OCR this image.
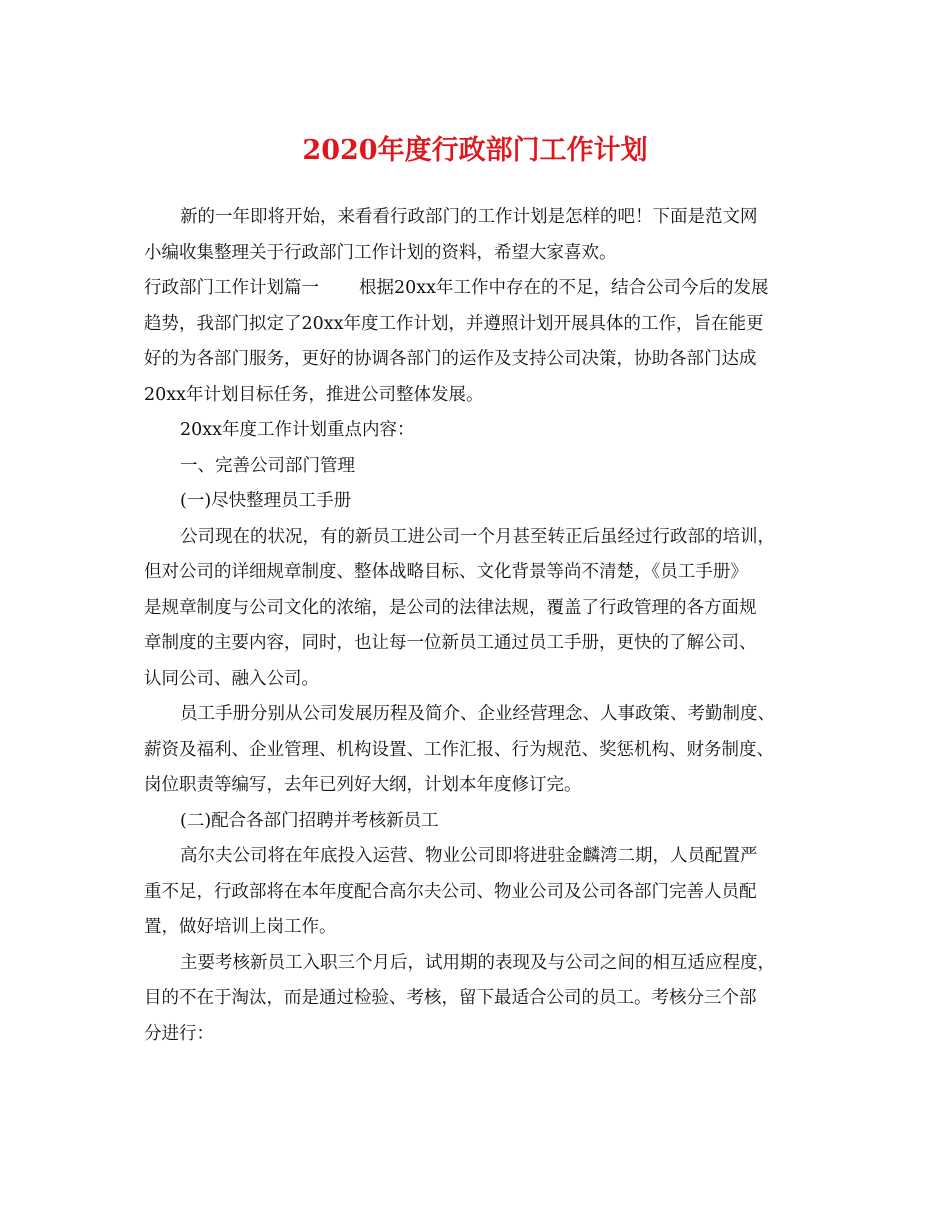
2020年度行政部门工作计划
新的一年即将开始，来看看行政部门的工作计划是怎样的吧！下面是范文网
小编收集整理关于行政部门工作计划的资料，希望大家喜欢。
行政部门工作计划篇一 根据20xx年工作中存在的不足，结合公司今后的发展
趋势，我部门拟定了20xx年度工作计划，并遵照计划开展具体的工作，旨在能更
好的为各部门服务，更好的协调各部门的运作及支持公司决策，协助各部门达成
20xx年计划目标任务，推进公司整体发展。
20xx年度工作计划重点内容：
一、完善公司部门管理
(一)尽快整理员工手册
公司现在的状况，有的新员工进公司一个月甚至转正后虽经过行政部的培训，
但对公司的详细规章制度、整体战略目标、文化背景等尚不清楚，《员工手册》
是规章制度与公司文化的浓缩，是公司的法律法规，覆盖了行政管理的各方面规
章制度的主要内容，同时，也让每一位新员工通过员工手册，更快的了解公司、
认同公司、融入公司。
员工手册分别从公司发展历程及简介、企业经营理念、人事政策、考勤制度、
薪资及福利、企业管理、机构设置、工作汇报、行为规范、奖惩机构、财务制度、
岗位职责等编写，去年已列好大纲，计划本年度修订完。
(二)配合各部门招聘并考核新员工
高尔夫公司将在年底投入运营、物业公司即将进驻金麟湾二期，人员配置严
重不足，行政部将在本年度配合高尔夫公司、物业公司及公司各部门完善人员配
置，做好培训上岗工作。
主要考核新员工入职三个月后，试用期的表现及与公司之间的相互适应程度，
目的不在于淘汰，而是通过检验、考核，留下最适合公司的员工。考核分三个部
分进行：
